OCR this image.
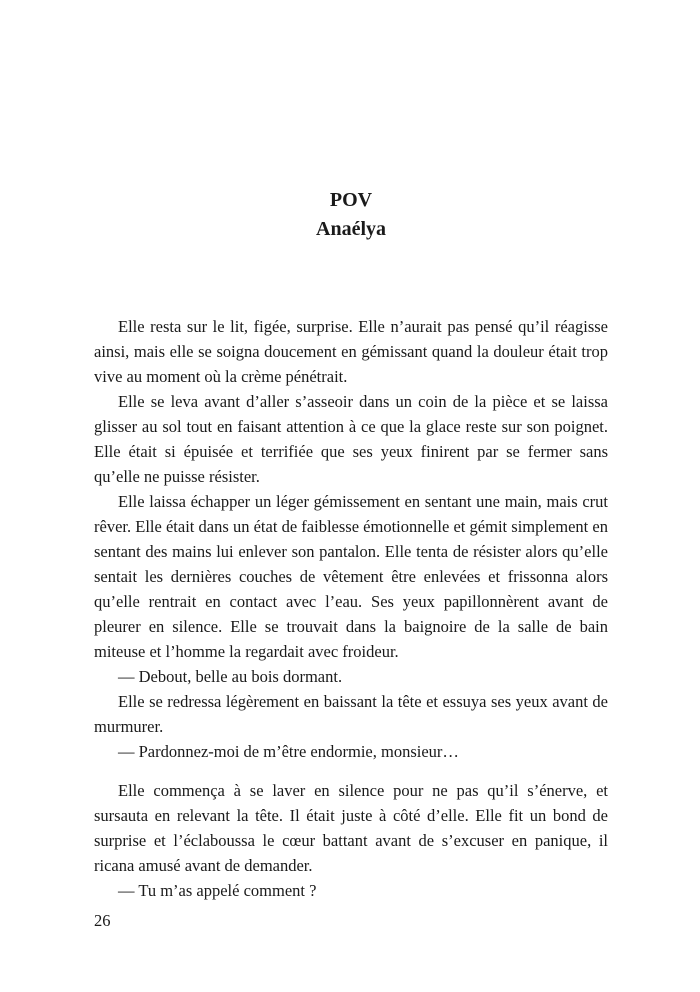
POV
Anaélya

Elle resta sur le lit, figée, surprise. Elle n’aurait pas pensé qu’il réagisse ainsi, mais elle se soigna doucement en gémissant quand la douleur était trop vive au moment où la crème pénétrait.

Elle se leva avant d’aller s’asseoir dans un coin de la pièce et se laissa glisser au sol tout en faisant attention à ce que la glace reste sur son poignet. Elle était si épuisée et terrifiée que ses yeux finirent par se fermer sans qu’elle ne puisse résister.

Elle laissa échapper un léger gémissement en sentant une main, mais crut rêver. Elle était dans un état de faiblesse émotionnelle et gémit simplement en sentant des mains lui enlever son pantalon. Elle tenta de résister alors qu’elle sentait les dernières couches de vêtement être enlevées et frissonna alors qu’elle rentrait en contact avec l’eau. Ses yeux papillonnèrent avant de pleurer en silence. Elle se trouvait dans la baignoire de la salle de bain miteuse et l’homme la regardait avec froideur.

— Debout, belle au bois dormant.

Elle se redressa légèrement en baissant la tête et essuya ses yeux avant de murmurer.

— Pardonnez-moi de m’être endormie, monsieur…

Elle commença à se laver en silence pour ne pas qu’il s’énerve, et sursauta en relevant la tête. Il était juste à côté d’elle. Elle fit un bond de surprise et l’éclaboussa le cœur battant avant de s’excuser en panique, il ricana amusé avant de demander.

— Tu m’as appelé comment ?

26
